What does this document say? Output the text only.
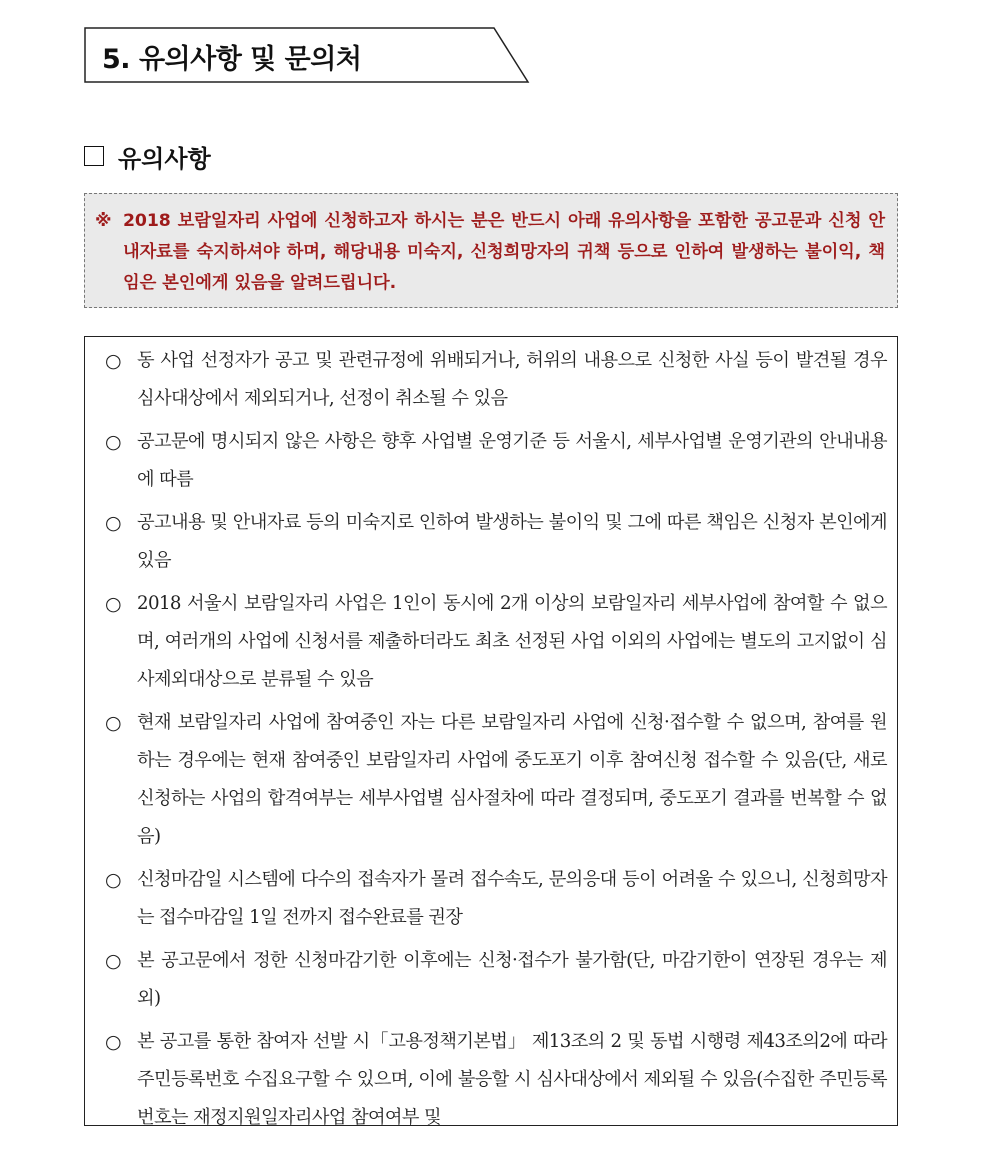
5. 유의사항 및 문의처
유의사항
※ 2018 보람일자리 사업에 신청하고자 하시는 분은 반드시 아래 유의사항을 포함한 공고문과 신청 안내자료를 숙지하셔야 하며, 해당내용 미숙지, 신청희망자의 귀책 등으로 인하여 발생하는 불이익, 책임은 본인에게 있음을 알려드립니다.
○ 동 사업 선정자가 공고 및 관련규정에 위배되거나, 허위의 내용으로 신청한 사실 등이 발견될 경우 심사대상에서 제외되거나, 선정이 취소될 수 있음
○ 공고문에 명시되지 않은 사항은 향후 사업별 운영기준 등 서울시, 세부사업별 운영기관의 안내내용에 따름
○ 공고내용 및 안내자료 등의 미숙지로 인하여 발생하는 불이익 및 그에 따른 책임은 신청자 본인에게 있음
○ 2018 서울시 보람일자리 사업은 1인이 동시에 2개 이상의 보람일자리 세부사업에 참여할 수 없으며, 여러개의 사업에 신청서를 제출하더라도 최초 선정된 사업 이외의 사업에는 별도의 고지없이 심사제외대상으로 분류될 수 있음
○ 현재 보람일자리 사업에 참여중인 자는 다른 보람일자리 사업에 신청·접수할 수 없으며, 참여를 원하는 경우에는 현재 참여중인 보람일자리 사업에 중도포기 이후 참여신청 접수할 수 있음(단, 새로 신청하는 사업의 합격여부는 세부사업별 심사절차에 따라 결정되며, 중도포기 결과를 번복할 수 없음)
○ 신청마감일 시스템에 다수의 접속자가 몰려 접수속도, 문의응대 등이 어려울 수 있으니, 신청희망자는 접수마감일 1일 전까지 접수완료를 권장
○ 본 공고문에서 정한 신청마감기한 이후에는 신청·접수가 불가함(단, 마감기한이 연장된 경우는 제외)
○ 본 공고를 통한 참여자 선발 시「고용정책기본법」 제13조의 2 및 동법 시행령 제43조의2에 따라 주민등록번호 수집요구할 수 있으며, 이에 불응할 시 심사대상에서 제외될 수 있음(수집한 주민등록번호는 재정지원일자리사업 참여여부 및
